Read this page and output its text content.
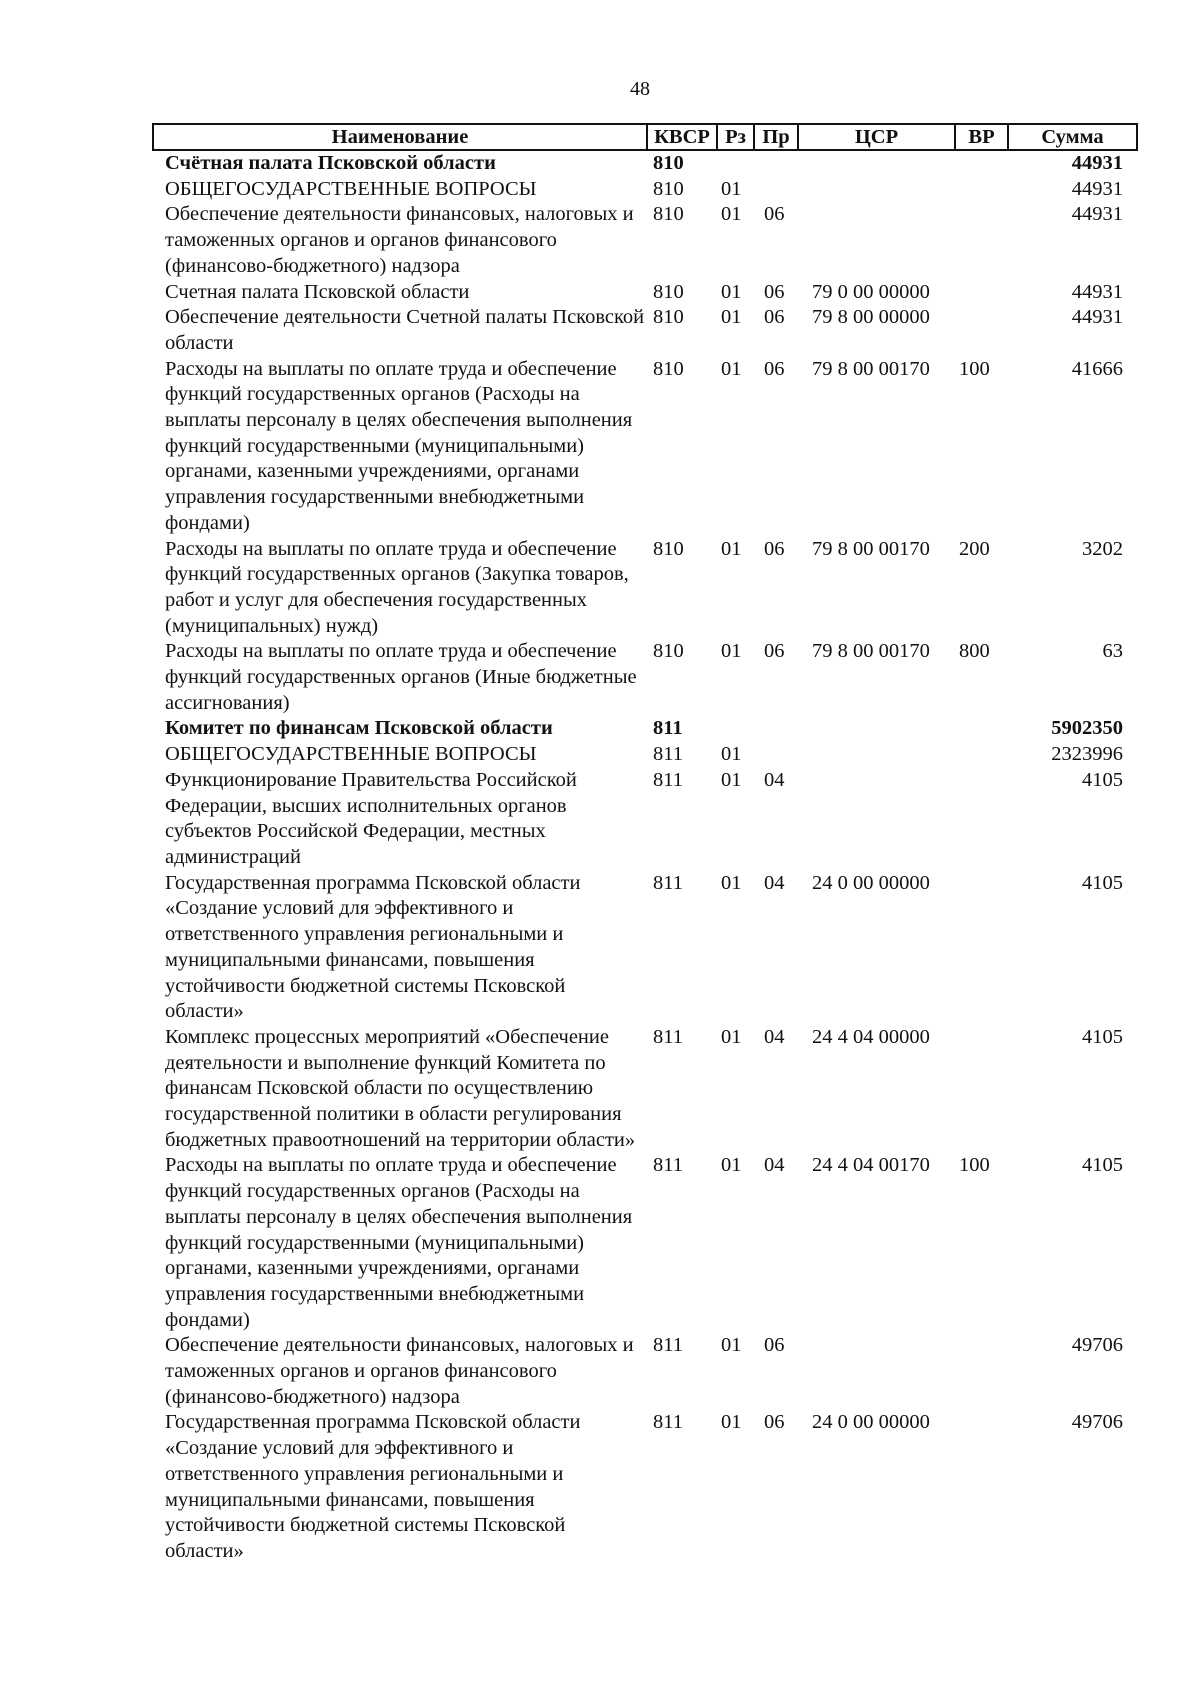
48
Наименование	КВСР	Рз	Пр	ЦСР	ВР	Сумма
Счётная палата Псковской области	810					44931
ОБЩЕГОСУДАРСТВЕННЫЕ ВОПРОСЫ	810	01				44931
Обеспечение деятельности финансовых, налоговых и таможенных органов и органов финансового (финансово-бюджетного) надзора	810	01	06			44931
Счетная палата Псковской области	810	01	06	79 0 00 00000		44931
Обеспечение деятельности Счетной палаты Псковской области	810	01	06	79 8 00 00000		44931
Расходы на выплаты по оплате труда и обеспечение функций государственных органов (Расходы на выплаты персоналу в целях обеспечения выполнения функций государственными (муниципальными) органами, казенными учреждениями, органами управления государственными внебюджетными фондами)	810	01	06	79 8 00 00170	100	41666
Расходы на выплаты по оплате труда и обеспечение функций государственных органов (Закупка товаров, работ и услуг для обеспечения государственных (муниципальных) нужд)	810	01	06	79 8 00 00170	200	3202
Расходы на выплаты по оплате труда и обеспечение функций государственных органов (Иные бюджетные ассигнования)	810	01	06	79 8 00 00170	800	63
Комитет по финансам Псковской области	811					5902350
ОБЩЕГОСУДАРСТВЕННЫЕ ВОПРОСЫ	811	01				2323996
Функционирование Правительства Российской Федерации, высших исполнительных органов субъектов Российской Федерации, местных администраций	811	01	04			4105
Государственная программа Псковской области «Создание условий для эффективного и ответственного управления региональными и муниципальными финансами, повышения устойчивости бюджетной системы Псковской области»	811	01	04	24 0 00 00000		4105
Комплекс процессных мероприятий «Обеспечение деятельности и выполнение функций Комитета по финансам Псковской области по осуществлению государственной политики в области регулирования бюджетных правоотношений на территории области»	811	01	04	24 4 04 00000		4105
Расходы на выплаты по оплате труда и обеспечение функций государственных органов (Расходы на выплаты персоналу в целях обеспечения выполнения функций государственными (муниципальными) органами, казенными учреждениями, органами управления государственными внебюджетными фондами)	811	01	04	24 4 04 00170	100	4105
Обеспечение деятельности финансовых, налоговых и таможенных органов и органов финансового (финансово-бюджетного) надзора	811	01	06			49706
Государственная программа Псковской области «Создание условий для эффективного и ответственного управления региональными и муниципальными финансами, повышения устойчивости бюджетной системы Псковской области»	811	01	06	24 0 00 00000		49706
